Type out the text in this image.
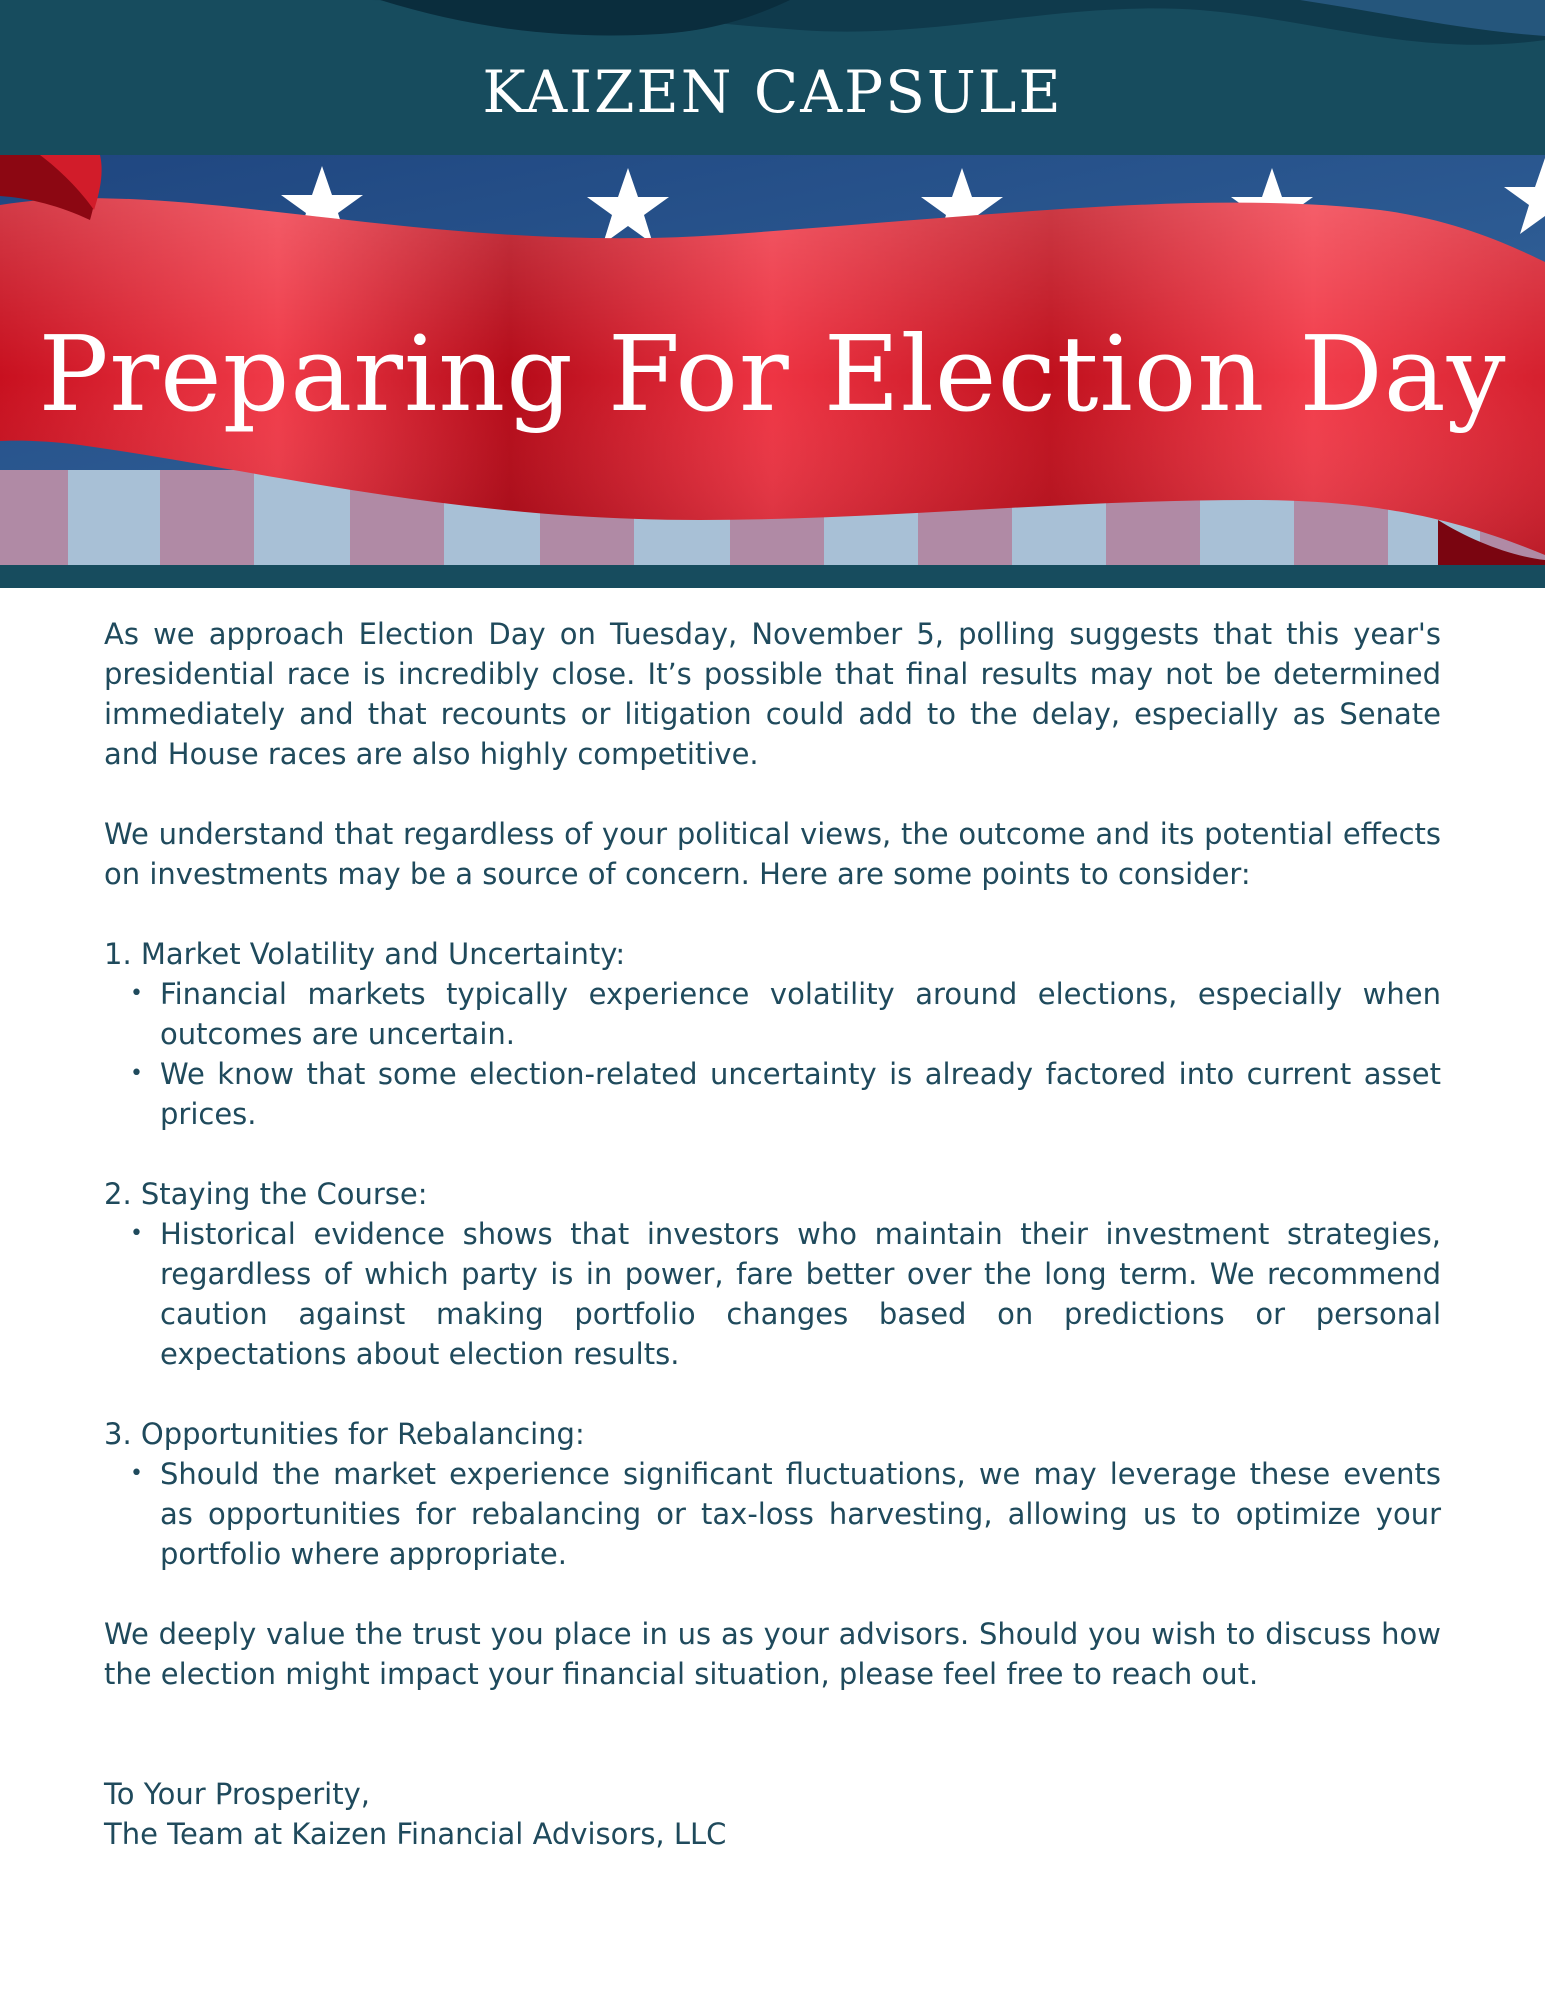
KAIZEN CAPSULE
Preparing For Election Day

As we approach Election Day on Tuesday, November 5, polling suggests that this year's presidential race is incredibly close. It’s possible that final results may not be determined immediately and that recounts or litigation could add to the delay, especially as Senate and House races are also highly competitive.

We understand that regardless of your political views, the outcome and its potential effects on investments may be a source of concern. Here are some points to consider:

1. Market Volatility and Uncertainty:
• Financial markets typically experience volatility around elections, especially when outcomes are uncertain.
• We know that some election-related uncertainty is already factored into current asset prices.
2. Staying the Course:
• Historical evidence shows that investors who maintain their investment strategies, regardless of which party is in power, fare better over the long term. We recommend caution against making portfolio changes based on predictions or personal expectations about election results.
3. Opportunities for Rebalancing:
• Should the market experience significant fluctuations, we may leverage these events as opportunities for rebalancing or tax-loss harvesting, allowing us to optimize your portfolio where appropriate.

We deeply value the trust you place in us as your advisors. Should you wish to discuss how the election might impact your financial situation, please feel free to reach out.

To Your Prosperity,
The Team at Kaizen Financial Advisors, LLC
